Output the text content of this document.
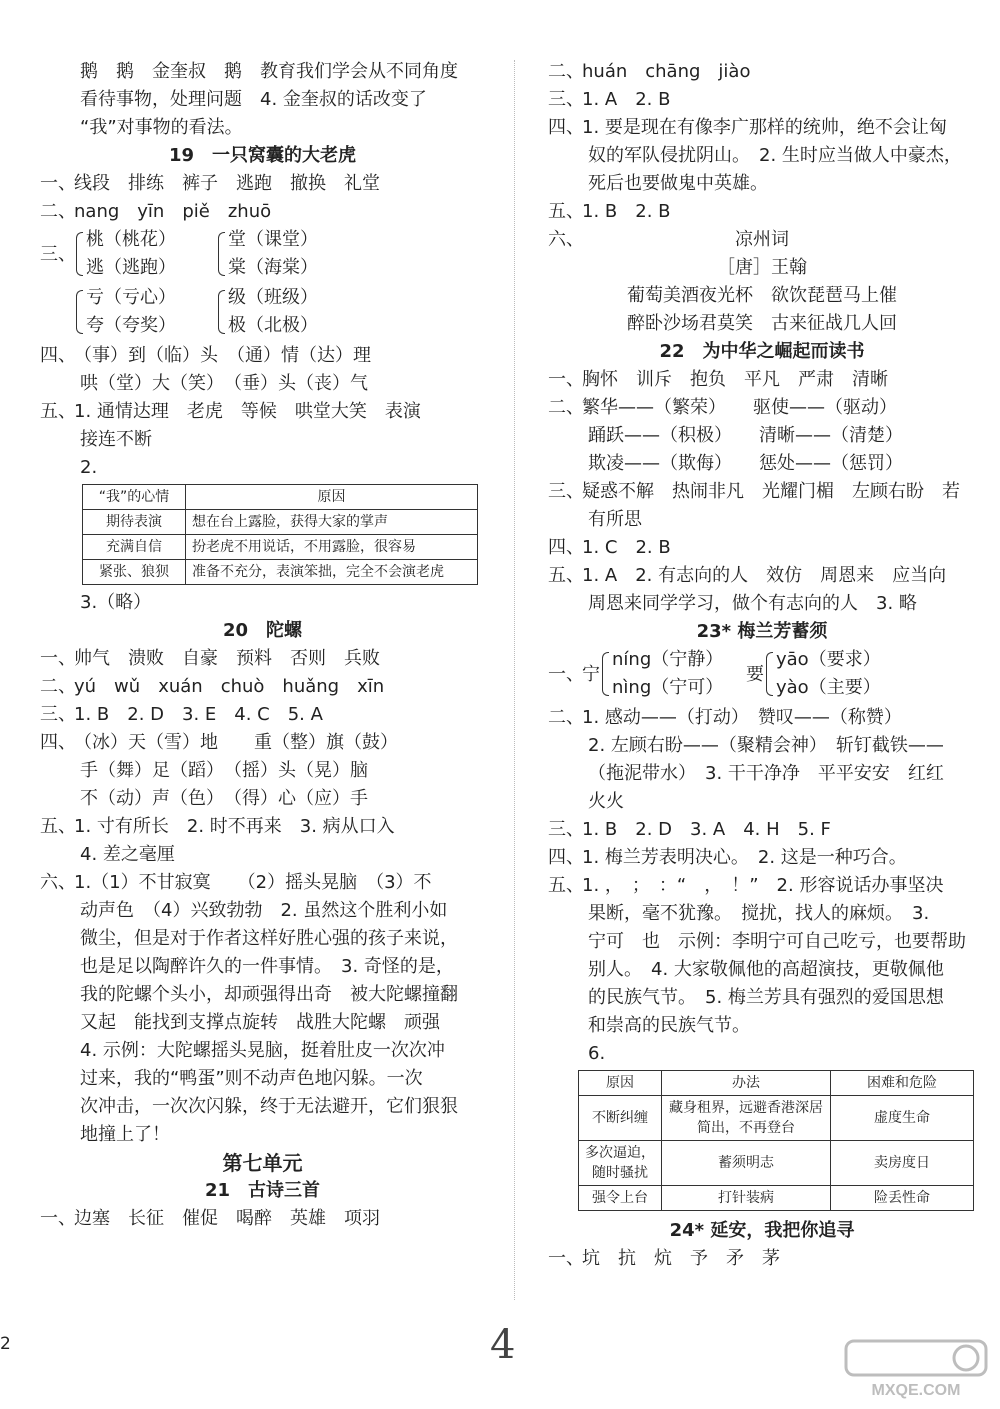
鹅　鹅　金奎叔　鹅　教育我们学会从不同角度
看待事物，处理问题　4. 金奎叔的话改变了
“我”对事物的看法。
19　一只窝囊的大老虎
一、线段　排练　裤子　逃跑　撤换　礼堂
二、nang　yīn　piě　zhuō
三、
桃（桃花）
逃（逃跑）
堂（课堂）
棠（海棠）
亏（亏心）
夸（夸奖）
级（班级）
极（北极）
四、（事）到（临）头　（通）情（达）理
哄（堂）大（笑）　（垂）头（丧）气
五、1. 通情达理　老虎　等候　哄堂大笑　表演
接连不断
2.
“我”的心情	原因
期待表演	想在台上露脸，获得大家的掌声
充满自信	扮老虎不用说话，不用露脸，很容易
紧张、狼狈	准备不充分，表演笨拙，完全不会演老虎
3.（略）
20　陀螺
一、帅气　溃败　自豪　预料　否则　兵败
二、yú　wǔ　xuán　chuò　huǎng　xīn
三、1. B　2. D　3. E　4. C　5. A
四、（冰）天（雪）地　　重（整）旗（鼓）
手（舞）足（蹈）　（摇）头（晃）脑
不（动）声（色）　（得）心（应）手
五、1. 寸有所长　2. 时不再来　3. 病从口入
4. 差之毫厘
六、1.（1）不甘寂寞　　（2）摇头晃脑　（3）不
动声色　（4）兴致勃勃　2. 虽然这个胜利小如
微尘，但是对于作者这样好胜心强的孩子来说，
也是足以陶醉许久的一件事情。　3. 奇怪的是，
我的陀螺个头小，却顽强得出奇　被大陀螺撞翻
又起　能找到支撑点旋转　战胜大陀螺　顽强
4. 示例：大陀螺摇头晃脑，挺着肚皮一次次冲
过来，我的“鸭蛋”则不动声色地闪躲。一次
次冲击，一次次闪躲，终于无法避开，它们狠狠
地撞上了！
第七单元
21　古诗三首
一、边塞　长征　催促　喝醉　英雄　项羽
二、huán　chāng　jiào
三、1. A　2. B
四、1. 要是现在有像李广那样的统帅，绝不会让匈
奴的军队侵扰阴山。　2. 生时应当做人中豪杰，
死后也要做鬼中英雄。
五、1. B　2. B
六、	凉州词
［唐］王翰
葡萄美酒夜光杯　欲饮琵琶马上催
醉卧沙场君莫笑　古来征战几人回
22　为中华之崛起而读书
一、胸怀　训斥　抱负　平凡　严肃　清晰
二、繁华——（繁荣）　　驱使——（驱动）
踊跃——（积极）　　清晰——（清楚）
欺凌——（欺侮）　　惩处——（惩罚）
三、疑惑不解　热闹非凡　光耀门楣　左顾右盼　若
有所思
四、1. C　2. B
五、1. A　2. 有志向的人　效仿　周恩来　应当向
周恩来同学学习，做个有志向的人　3. 略
23* 梅兰芳蓄须
一、
宁
níng（宁静）
nìng（宁可）
要
yāo（要求）
yào（主要）
二、1. 感动——（打动）　赞叹——（称赞）
2. 左顾右盼——（聚精会神）　斩钉截铁——
（拖泥带水）　3. 干干净净　平平安安　红红
火火
三、1. B　2. D　3. A　4. H　5. F
四、1. 梅兰芳表明决心。　2. 这是一种巧合。
五、1. ，　；　：“　，　！”　2. 形容说话办事坚决
果断，毫不犹豫。　搅扰，找人的麻烦。　3.
宁可　也　示例：李明宁可自己吃亏，也要帮助
别人。　4. 大家敬佩他的高超演技，更敬佩他
的民族气节。　5. 梅兰芳具有强烈的爱国思想
和崇高的民族气节。
6.
原因	办法	困难和危险
不断纠缠	藏身租界，远避香港深居简出，不再登台	虚度生命
多次逼迫，随时骚扰	蓄须明志	卖房度日
强令上台	打针装病	险丢性命
24* 延安，我把你追寻
一、坑　抗　炕　予　矛　茅
2	4
MXQE.COM
